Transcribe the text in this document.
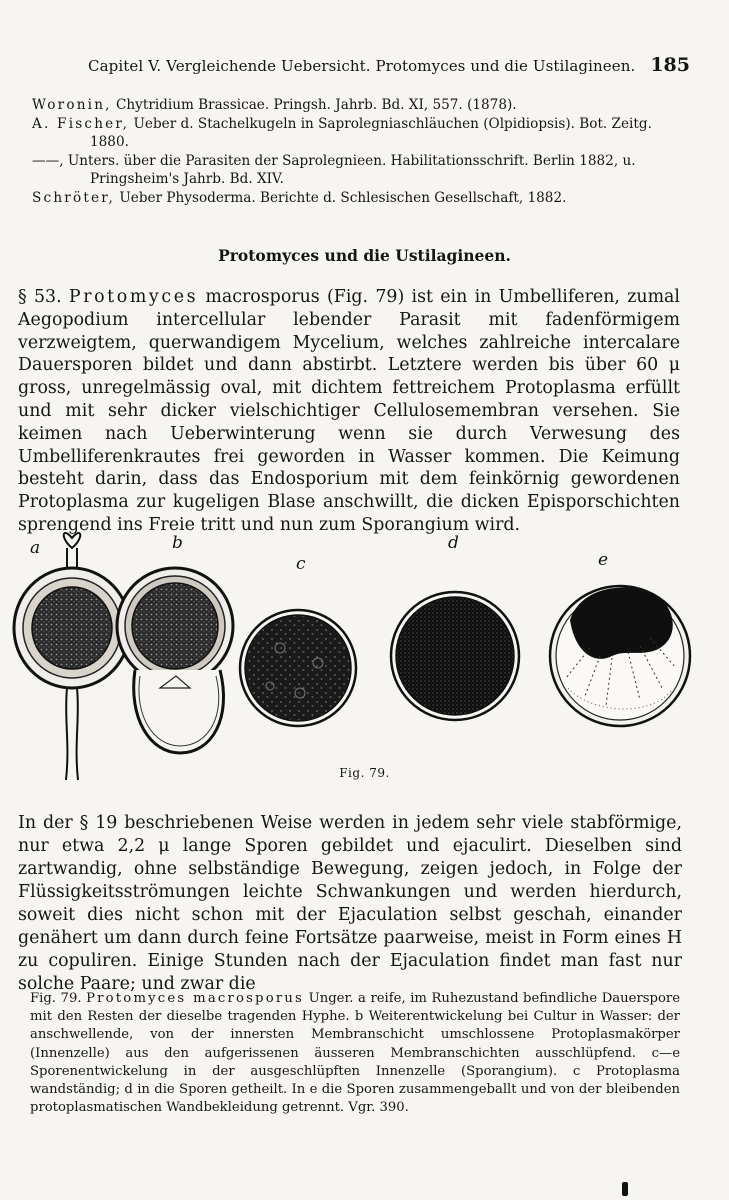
Capitel V. Vergleichende Uebersicht. Protomyces und die Ustilagineen. 185

Woronin, Chytridium Brassicae. Pringsh. Jahrb. Bd. XI, 557. (1878).

A. Fischer, Ueber d. Stachelkugeln in Saprolegniaschläuchen (Olpidiopsis). Bot. Zeitg.
1880.

——, Unters. über die Parasiten der Saprolegnieen. Habilitationsschrift. Berlin 1882, u.
Pringsheim's Jahrb. Bd. XIV.

Schröter, Ueber Physoderma. Berichte d. Schlesischen Gesellschaft, 1882.

Protomyces und die Ustilagineen.

§ 53. Protomyces macrosporus (Fig. 79) ist ein in Umbelliferen, zumal Aegopodium intercellular lebender Parasit mit fadenförmigem verzweigtem, querwandigem Mycelium, welches zahlreiche intercalare Dauersporen bildet und dann abstirbt. Letztere werden bis über 60 μ gross, unregelmässig oval, mit dichtem fettreichem Protoplasma erfüllt und mit sehr dicker vielschichtiger Cellulosemembran versehen. Sie keimen nach Ueberwinterung wenn sie durch Verwesung des Umbelliferenkrautes frei geworden in Wasser kommen. Die Keimung besteht darin, dass das Endosporium mit dem feinkörnig gewordenen Protoplasma zur kugeligen Blase anschwillt, die dicken Episporschichten sprengend ins Freie tritt und nun zum Sporangium wird.

a	b
c
d
e
Fig. 79.

In der § 19 beschriebenen Weise werden in jedem sehr viele stabförmige, nur etwa 2,2 μ lange Sporen gebildet und ejaculirt. Dieselben sind zartwandig, ohne selbständige Bewegung, zeigen jedoch, in Folge der Flüssigkeitsströmungen leichte Schwankungen und werden hierdurch, soweit dies nicht schon mit der Ejaculation selbst geschah, einander genähert um dann durch feine Fortsätze paarweise, meist in Form eines H zu copuliren. Einige Stunden nach der Ejaculation findet man fast nur solche Paare; und zwar die

Fig. 79. Protomyces macrosporus Unger. a reife, im Ruhezustand befindliche Dauerspore mit den Resten der dieselbe tragenden Hyphe. b Weiterentwickelung bei Cultur in Wasser: der anschwellende, von der innersten Membranschicht umschlossene Protoplasmakörper (Innenzelle) aus den aufgerissenen äusseren Membranschichten ausschlüpfend. c—e Sporenentwickelung in der ausgeschlüpften Innenzelle (Sporangium). c Protoplasma wandständig; d in die Sporen getheilt. In e die Sporen zusammengeballt und von der bleibenden protoplasmatischen Wandbekleidung getrennt. Vgr. 390.
